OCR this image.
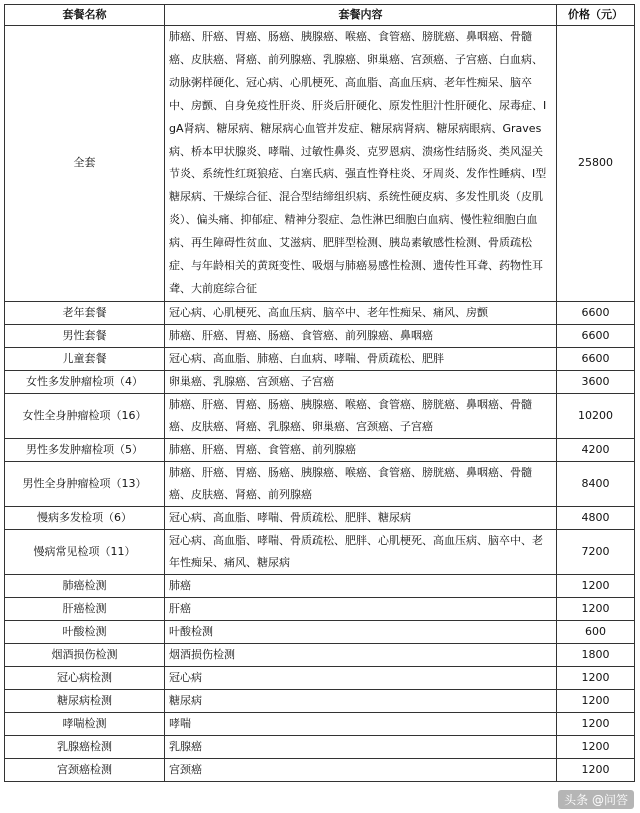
套餐名称	套餐内容	价格（元）
全套	肺癌、肝癌、胃癌、肠癌、胰腺癌、喉癌、食管癌、膀胱癌、鼻咽癌、骨髓癌、皮肤癌、肾癌、前列腺癌、乳腺癌、卵巢癌、宫颈癌、子宫癌、白血病、动脉粥样硬化、冠心病、心肌梗死、高血脂、高血压病、老年性痴呆、脑卒中、房颤、自身免疫性肝炎、肝炎后肝硬化、原发性胆汁性肝硬化、尿毒症、IgA肾病、糖尿病、糖尿病心血管并发症、糖尿病肾病、糖尿病眼病、Graves病、桥本甲状腺炎、哮喘、过敏性鼻炎、克罗恩病、溃疡性结肠炎、类风湿关节炎、系统性红斑狼疮、白塞氏病、强直性脊柱炎、牙周炎、发作性睡病、I型糖尿病、干燥综合征、混合型结缔组织病、系统性硬皮病、多发性肌炎（皮肌炎）、偏头痛、抑郁症、精神分裂症、急性淋巴细胞白血病、慢性粒细胞白血病、再生障碍性贫血、艾滋病、肥胖型检测、胰岛素敏感性检测、骨质疏松症、与年龄相关的黄斑变性、吸烟与肺癌易感性检测、遗传性耳聋、药物性耳聋、大前庭综合征	25800
老年套餐	冠心病、心肌梗死、高血压病、脑卒中、老年性痴呆、痛风、房颤	6600
男性套餐	肺癌、肝癌、胃癌、肠癌、食管癌、前列腺癌、鼻咽癌	6600
儿童套餐	冠心病、高血脂、肺癌、白血病、哮喘、骨质疏松、肥胖	6600
女性多发肿瘤检项（4）	卵巢癌、乳腺癌、宫颈癌、子宫癌	3600
女性全身肿瘤检项（16）	肺癌、肝癌、胃癌、肠癌、胰腺癌、喉癌、食管癌、膀胱癌、鼻咽癌、骨髓癌、皮肤癌、肾癌、乳腺癌、卵巢癌、宫颈癌、子宫癌	10200
男性多发肿瘤检项（5）	肺癌、肝癌、胃癌、食管癌、前列腺癌	4200
男性全身肿瘤检项（13）	肺癌、肝癌、胃癌、肠癌、胰腺癌、喉癌、食管癌、膀胱癌、鼻咽癌、骨髓癌、皮肤癌、肾癌、前列腺癌	8400
慢病多发检项（6）	冠心病、高血脂、哮喘、骨质疏松、肥胖、糖尿病	4800
慢病常见检项（11）	冠心病、高血脂、哮喘、骨质疏松、肥胖、心肌梗死、高血压病、脑卒中、老年性痴呆、痛风、糖尿病	7200
肺癌检测	肺癌	1200
肝癌检测	肝癌	1200
叶酸检测	叶酸检测	600
烟酒损伤检测	烟酒损伤检测	1800
冠心病检测	冠心病	1200
糖尿病检测	糖尿病	1200
哮喘检测	哮喘	1200
乳腺癌检测	乳腺癌	1200
宫颈癌检测	宫颈癌	1200
头条 @问答
